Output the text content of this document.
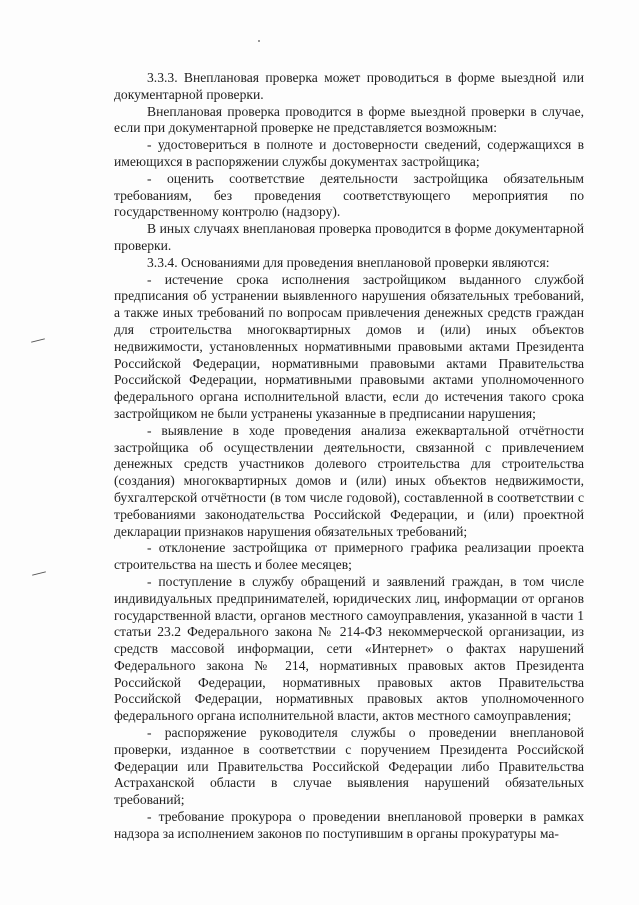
3.3.3. Внеплановая проверка может проводиться в форме выездной или документарной проверки.

Внеплановая проверка проводится в форме выездной проверки в случае, если при документарной проверке не представляется возможным:

- удостовериться в полноте и достоверности сведений, содержащихся в имеющихся в распоряжении службы документах застройщика;

- оценить соответствие деятельности застройщика обязательным требованиям, без проведения соответствующего мероприятия по государственному контролю (надзору).

В иных случаях внеплановая проверка проводится в форме документарной проверки.

3.3.4. Основаниями для проведения внеплановой проверки являются:

- истечение срока исполнения застройщиком выданного службой предписания об устранении выявленного нарушения обязательных требований, а также иных требований по вопросам привлечения денежных средств граждан для строительства многоквартирных домов и (или) иных объектов недвижимости, установленных нормативными правовыми актами Президента Российской Федерации, нормативными правовыми актами Правительства Российской Федерации, нормативными правовыми актами уполномоченного федерального органа исполнительной власти, если до истечения такого срока застройщиком не были устранены указанные в предписании нарушения;

- выявление в ходе проведения анализа ежеквартальной отчётности застройщика об осуществлении деятельности, связанной с привлечением денежных средств участников долевого строительства для строительства (создания) многоквартирных домов и (или) иных объектов недвижимости, бухгалтерской отчётности (в том числе годовой), составленной в соответствии с требованиями законодательства Российской Федерации, и (или) проектной декларации признаков нарушения обязательных требований;

- отклонение застройщика от примерного графика реализации проекта строительства на шесть и более месяцев;

- поступление в службу обращений и заявлений граждан, в том числе индивидуальных предпринимателей, юридических лиц, информации от органов государственной власти, органов местного самоуправления, указанной в части 1 статьи 23.2 Федерального закона № 214-ФЗ некоммерческой организации, из средств массовой информации, сети «Интернет» о фактах нарушений Федерального закона № 214, нормативных правовых актов Президента Российской Федерации, нормативных правовых актов Правительства Российской Федерации, нормативных правовых актов уполномоченного федерального органа исполнительной власти, актов местного самоуправления;

- распоряжение руководителя службы о проведении внеплановой проверки, изданное в соответствии с поручением Президента Российской Федерации или Правительства Российской Федерации либо Правительства Астраханской области в случае выявления нарушений обязательных требований;

- требование прокурора о проведении внеплановой проверки в рамках надзора за исполнением законов по поступившим в органы прокуратуры ма-
